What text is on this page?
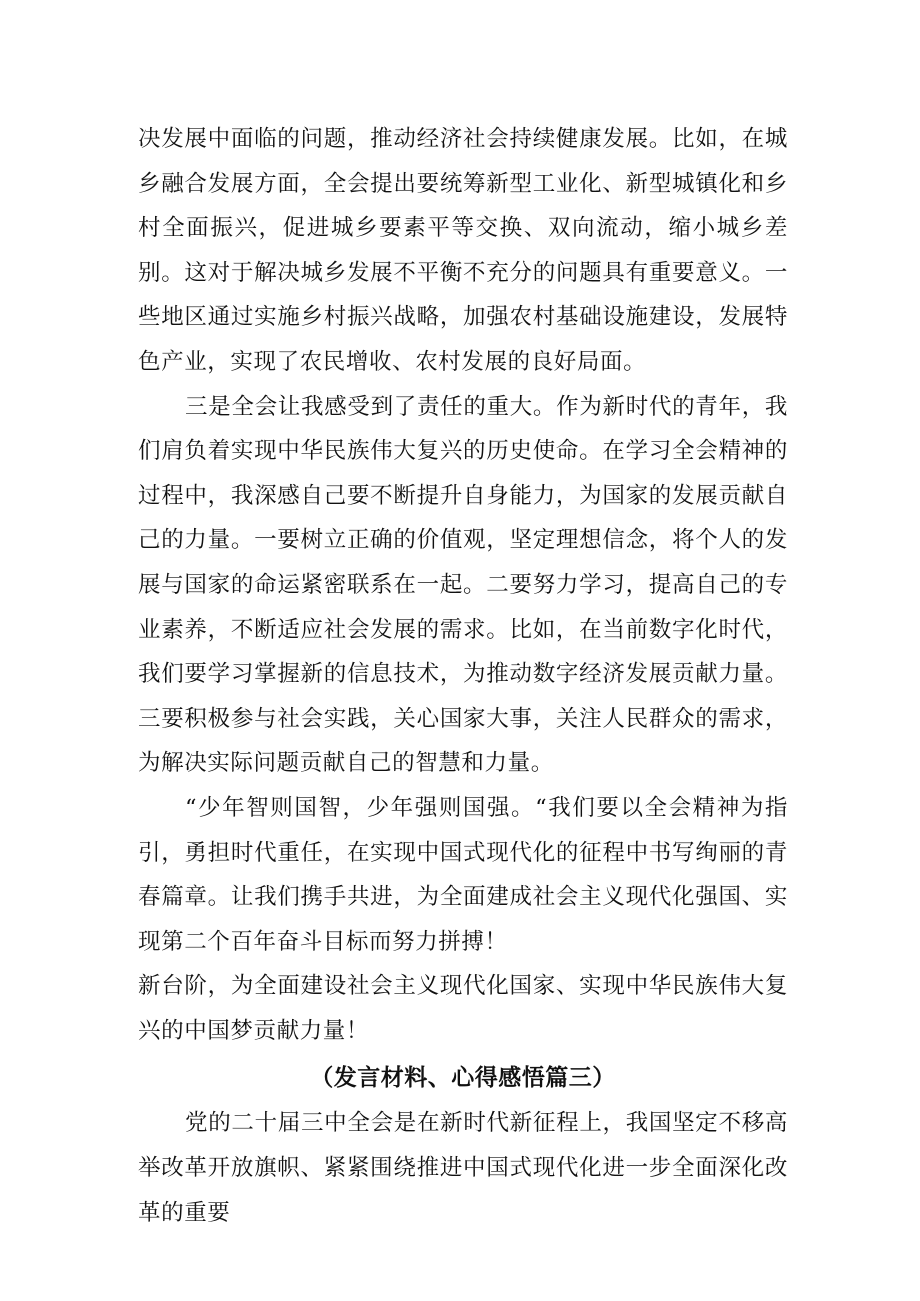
决发展中面临的问题，推动经济社会持续健康发展。比如，在城乡融合发展方面，全会提出要统筹新型工业化、新型城镇化和乡村全面振兴，促进城乡要素平等交换、双向流动，缩小城乡差别。这对于解决城乡发展不平衡不充分的问题具有重要意义。一些地区通过实施乡村振兴战略，加强农村基础设施建设，发展特色产业，实现了农民增收、农村发展的良好局面。

三是全会让我感受到了责任的重大。作为新时代的青年，我们肩负着实现中华民族伟大复兴的历史使命。在学习全会精神的过程中，我深感自己要不断提升自身能力，为国家的发展贡献自己的力量。一要树立正确的价值观，坚定理想信念，将个人的发展与国家的命运紧密联系在一起。二要努力学习，提高自己的专业素养，不断适应社会发展的需求。比如，在当前数字化时代，我们要学习掌握新的信息技术，为推动数字经济发展贡献力量。三要积极参与社会实践，关心国家大事，关注人民群众的需求，为解决实际问题贡献自己的智慧和力量。

“少年智则国智，少年强则国强。“我们要以全会精神为指引，勇担时代重任，在实现中国式现代化的征程中书写绚丽的青春篇章。让我们携手共进，为全面建成社会主义现代化强国、实现第二个百年奋斗目标而努力拼搏！

新台阶，为全面建设社会主义现代化国家、实现中华民族伟大复兴的中国梦贡献力量！

（发言材料、心得感悟篇三）

党的二十届三中全会是在新时代新征程上，我国坚定不移高举改革开放旗帜、紧紧围绕推进中国式现代化进一步全面深化改革的重要
